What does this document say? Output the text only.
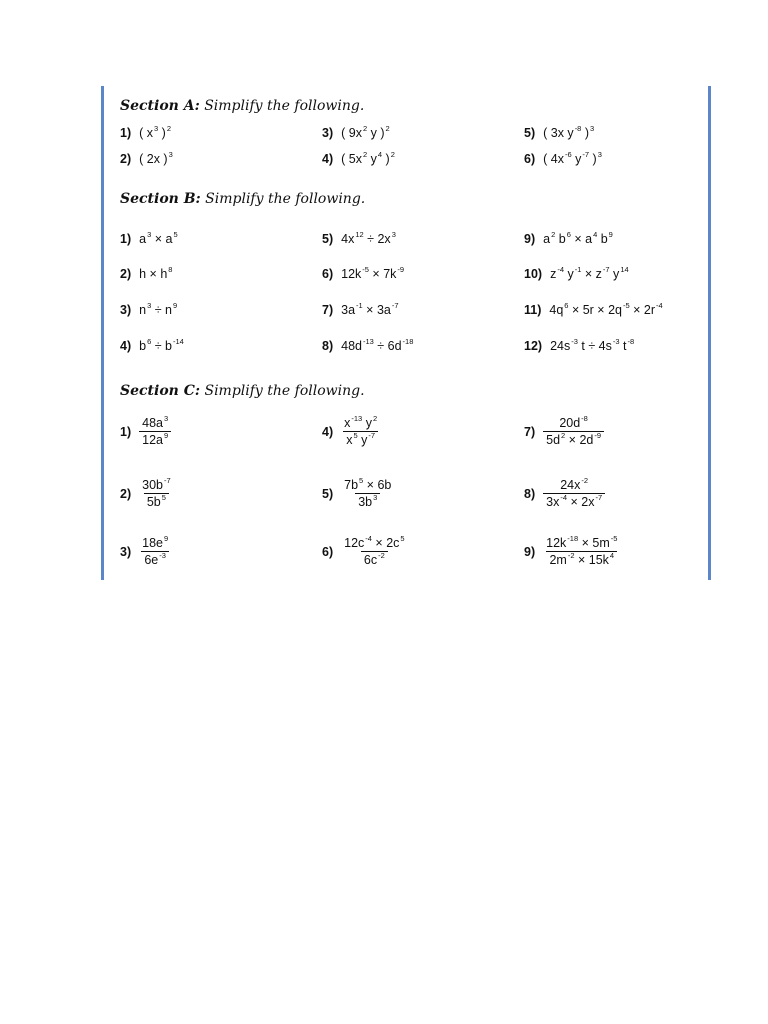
Section A: Simplify the following.
1) ( $x^3$ )$^2$	3) ( $9x^2$ y )$^2$	5) ( 3x $y^{-8}$ )$^3$
2) ( 2x )$^3$	4) ( $5x^2$ $y^4$ )$^2$	6) ( $4x^{-6}$ $y^{-7}$ )$^3$
Section B: Simplify the following.
1) $a^3 \times a^5$	5) $4x^{12} \div 2x^3$	9) $a^2$ $b^6 \times a^4$ $b^9$
2) $h \times h^8$	6) $12k^{-5} \times 7k^{-9}$	10) $z^{-4}$ $y^{-1} \times z^{-7}$ $y^{14}$
3) $n^3 \div n^9$	7) $3a^{-1} \times 3a^{-7}$	11) $4q^6 \times 5r \times 2q^{-5} \times 2r^{-4}$
4) $b^6 \div b^{-14}$	8) $48d^{-13} \div 6d^{-18}$	12) $24s^{-3}$ $t \div 4s^{-3}$ $t^{-8}$
Section C: Simplify the following.
$1) \frac{48a^3}{12a^9}$	$4) \frac{x^{-13} y^2}{x^5 y^{-7}}$	$7) \frac{20d^{-8}}{5d^2 \times 2d^{-9}}$
$2) \frac{30b^{-7}}{5b^5}$	$5) \frac{7b^5 \times 6b}{3b^3}$	$8) \frac{24x^{-2}}{3x^{-4} \times 2x^{-7}}$
$3) \frac{18e^9}{6e^{-3}}$	$6) \frac{12c^{-4} \times 2c^5}{6c^{-2}}$	$9) \frac{12k^{-18} \times 5m^{-5}}{2m^{-2} \times 15k^4}$
